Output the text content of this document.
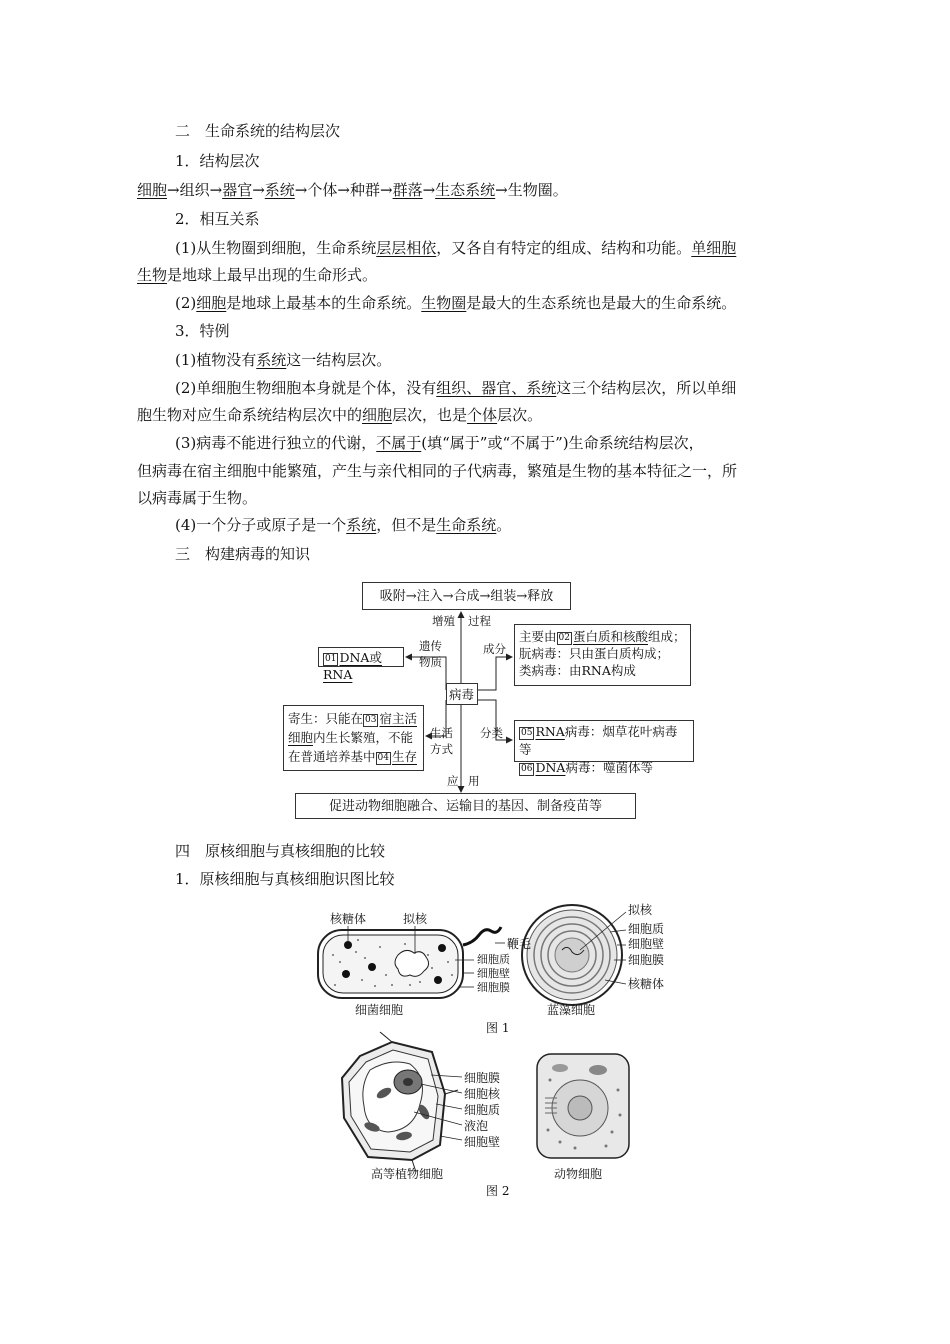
二　生命系统的结构层次
1．结构层次
细胞→组织→器官→系统→个体→种群→群落→生态系统→生物圈。
2．相互关系
(1)从生物圈到细胞，生命系统层层相依，又各自有特定的组成、结构和功能。单细胞
生物是地球上最早出现的生命形式。
(2)细胞是地球上最基本的生命系统。生物圈是最大的生态系统也是最大的生命系统。
3．特例
(1)植物没有系统这一结构层次。
(2)单细胞生物细胞本身就是个体，没有组织、器官、系统这三个结构层次，所以单细
胞生物对应生命系统结构层次中的细胞层次，也是个体层次。
(3)病毒不能进行独立的代谢，不属于(填“属于”或“不属于”)生命系统结构层次，
但病毒在宿主细胞中能繁殖，产生与亲代相同的子代病毒，繁殖是生物的基本特征之一，所
以病毒属于生物。
(4)一个分子或原子是一个系统，但不是生命系统。
三　构建病毒的知识
吸附→注入→合成→组装→释放
增殖 过程
01 DNA或RNA
遗传
物质
成分
主要由 02 蛋白质和核酸组成；
朊病毒：只由蛋白质构成；
类病毒：由RNA构成
病毒
寄生：只能在 03 宿主活
细胞内生长繁殖，不能
在普通培养基中 04 生存
生活
方式
分类 05 RNA病毒：烟草花叶病毒等
06 DNA病毒：噬菌体等
应 用
促进动物细胞融合、运输目的基因、制备疫苗等
四　原核细胞与真核细胞的比较
1．原核细胞与真核细胞识图比较
核糖体	拟核
鞭毛
细胞质
细胞壁
细胞膜
细菌细胞
拟核
细胞质
细胞壁
细胞膜
核糖体
蓝藻细胞
图 1
细胞膜
细胞核
细胞质
液泡
细胞壁
高等植物细胞	动物细胞
图 2
